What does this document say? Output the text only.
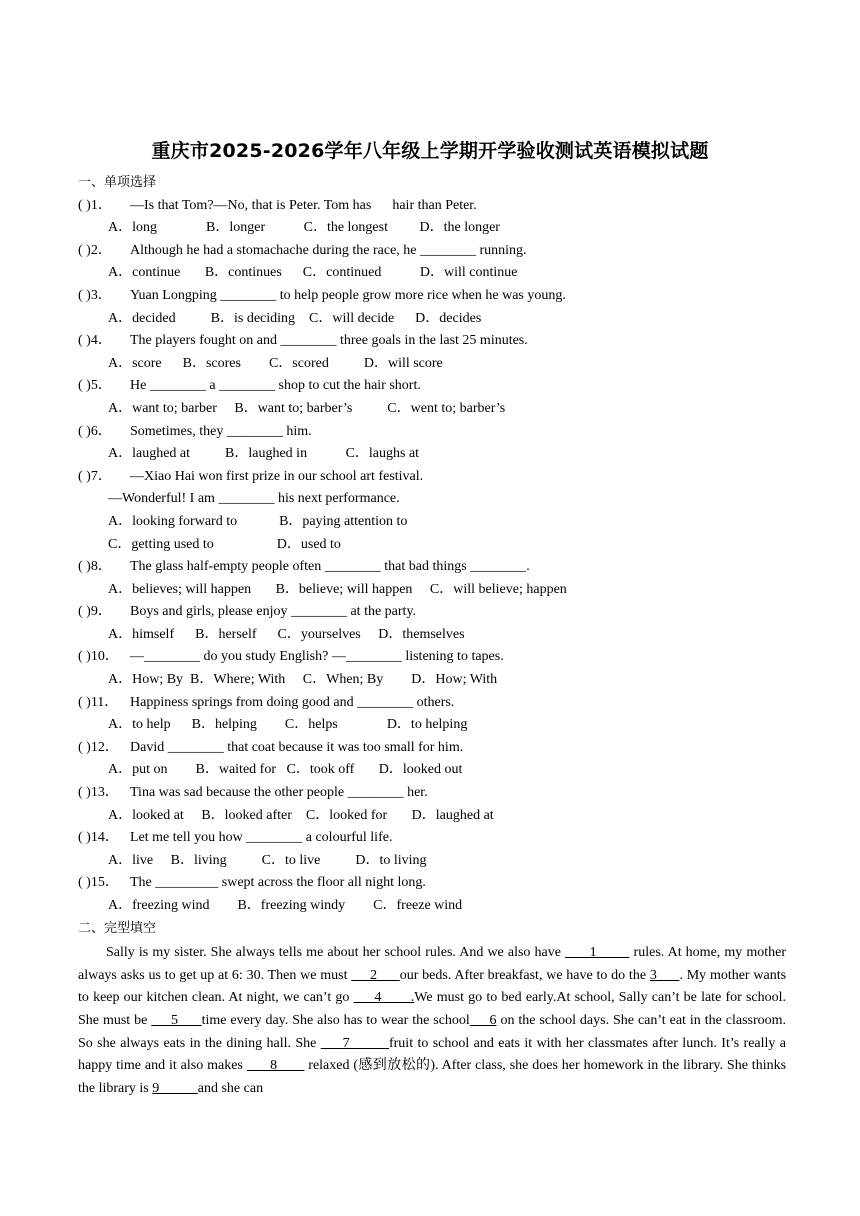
重庆市2025-2026学年八年级上学期开学验收测试英语模拟试题
一、单项选择
( )1． —Is that Tom?—No, that is Peter. Tom has      hair than Peter.
A．long              B．longer           C．the longest         D．the longer
( )2． Although he had a stomachache during the race, he ________ running.
A．continue       B．continues      C．continued           D．will continue
( )3． Yuan Longping ________ to help people grow more rice when he was young.
A．decided          B．is deciding    C．will decide      D．decides
( )4． The players fought on and ________ three goals in the last 25 minutes.
A．score      B．scores        C．scored          D．will score
( )5． He ________ a ________ shop to cut the hair short.
A．want to; barber     B．want to; barber’s          C．went to; barber’s
( )6． Sometimes, they ________ him.
A．laughed at          B．laughed in           C．laughs at
( )7． —Xiao Hai won first prize in our school art festival.
—Wonderful! I am ________ his next performance.
A．looking forward to            B．paying attention to
C．getting used to                  D．used to
( )8． The glass half-empty people often ________ that bad things ________.
A．believes; will happen       B．believe; will happen     C．will believe; happen
( )9． Boys and girls, please enjoy ________ at the party.
A．himself      B．herself      C．yourselves     D．themselves
( )10． —________ do you study English? —________ listening to tapes.
A．How; By  B．Where; With     C．When; By        D．How; With
( )11． Happiness springs from doing good and ________ others.
A．to help      B．helping        C．helps              D．to helping
( )12． David ________ that coat because it was too small for him.
A．put on        B．waited for   C．took off       D．looked out
( )13． Tina was sad because the other people ________ her.
A．looked at     B．looked after    C．looked for       D．laughed at
( )14． Let me tell you how ________ a colourful life.
A．live     B．living          C．to live          D．to living
( )15． The _________ swept across the floor all night long.
A．freezing wind        B．freezing windy        C．freeze wind
二、完型填空
Sally is my sister. She always tells me about her school rules. And we also have       1         rules. At home, my mother always asks us to get up at 6: 30. Then we must      2      our beds. After breakfast, we have to do the 3      . My mother wants to keep our kitchen clean. At night, we can’t go      4       .We must go to bed early.At school, Sally can’t be late for school. She must be      5      time every day. She also has to wear the school     6 on the school days. She can’t eat in the classroom. So she always eats in the dining hall. She      7         fruit to school and eats it with her classmates after lunch. It’s really a happy time and it also makes       8        relaxed (感到放松的). After class, she does her homework in the library. She thinks the library is 9           and she can
